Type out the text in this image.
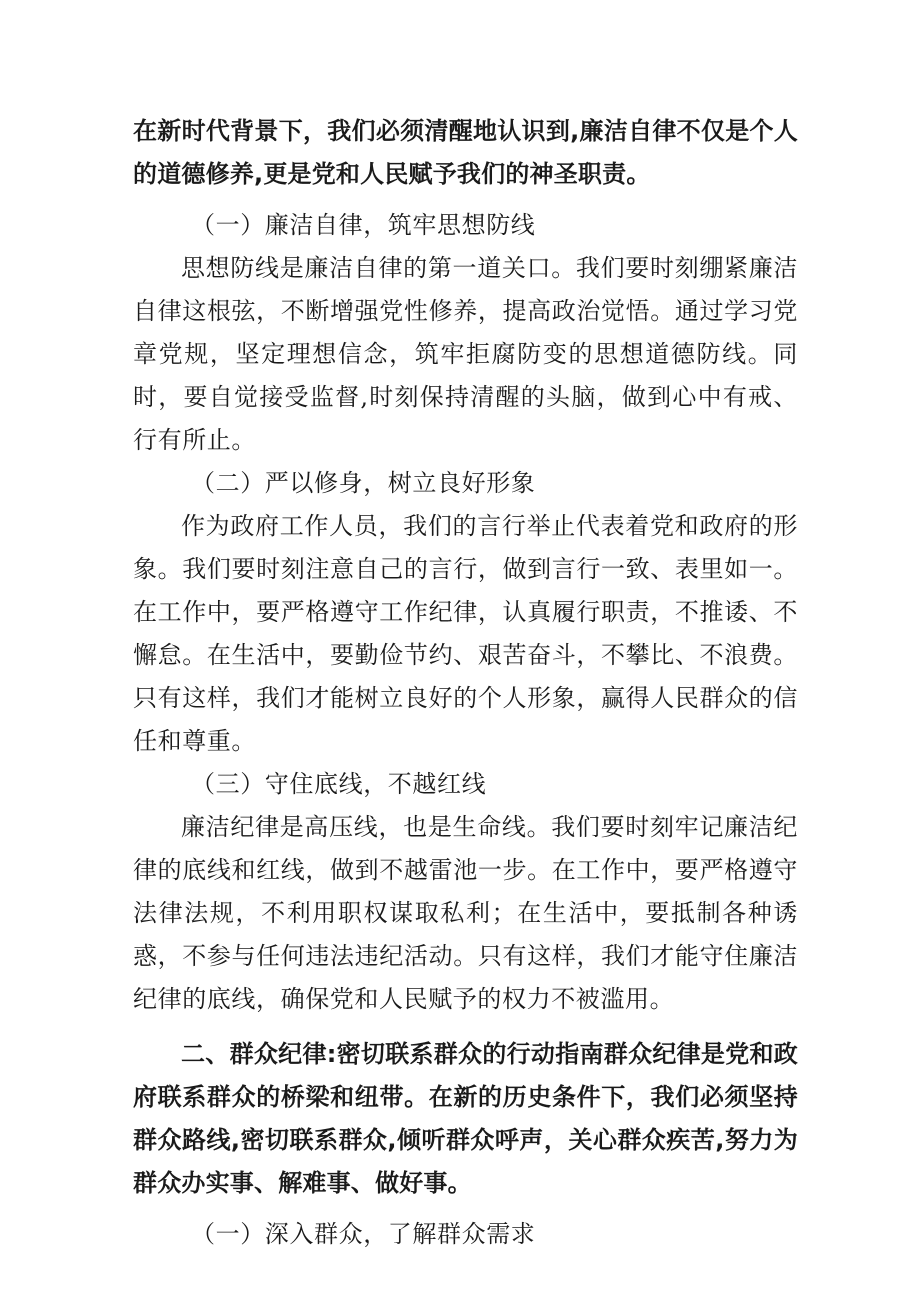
在新时代背景下，我们必须清醒地认识到,廉洁自律不仅是个人的道德修养,更是党和人民赋予我们的神圣职责。

（一）廉洁自律，筑牢思想防线

思想防线是廉洁自律的第一道关口。我们要时刻绷紧廉洁自律这根弦，不断增强党性修养，提高政治觉悟。通过学习党章党规，坚定理想信念，筑牢拒腐防变的思想道德防线。同时，要自觉接受监督,时刻保持清醒的头脑，做到心中有戒、行有所止。

（二）严以修身，树立良好形象

作为政府工作人员，我们的言行举止代表着党和政府的形象。我们要时刻注意自己的言行，做到言行一致、表里如一。在工作中，要严格遵守工作纪律，认真履行职责，不推诿、不懈怠。在生活中，要勤俭节约、艰苦奋斗，不攀比、不浪费。只有这样，我们才能树立良好的个人形象，赢得人民群众的信任和尊重。

（三）守住底线，不越红线

廉洁纪律是高压线，也是生命线。我们要时刻牢记廉洁纪律的底线和红线，做到不越雷池一步。在工作中，要严格遵守法律法规，不利用职权谋取私利；在生活中，要抵制各种诱惑，不参与任何违法违纪活动。只有这样，我们才能守住廉洁纪律的底线，确保党和人民赋予的权力不被滥用。

二、群众纪律:密切联系群众的行动指南群众纪律是党和政府联系群众的桥梁和纽带。在新的历史条件下，我们必须坚持群众路线,密切联系群众,倾听群众呼声，关心群众疾苦,努力为群众办实事、解难事、做好事。

（一）深入群众，了解群众需求
